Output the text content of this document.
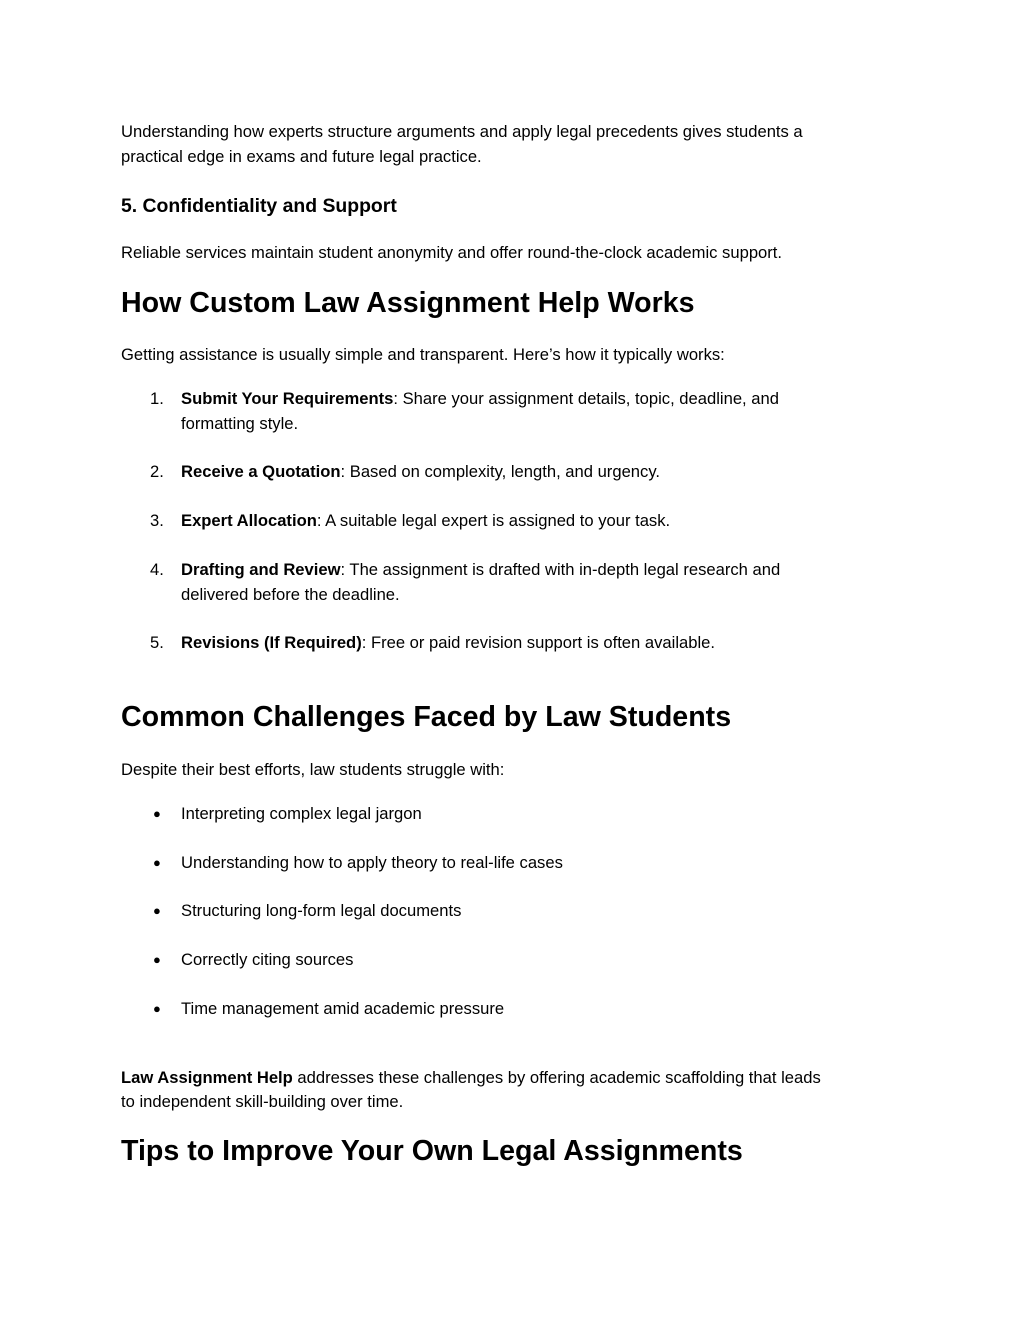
Understanding how experts structure arguments and apply legal precedents gives students a

practical edge in exams and future legal practice.

5. Confidentiality and Support

Reliable services maintain student anonymity and offer round-the-clock academic support.

How Custom Law Assignment Help Works

Getting assistance is usually simple and transparent. Here’s how it typically works:

1. Submit Your Requirements: Share your assignment details, topic, deadline, and

formatting style.

2. Receive a Quotation: Based on complexity, length, and urgency.

3. Expert Allocation: A suitable legal expert is assigned to your task.

4. Drafting and Review: The assignment is drafted with in-depth legal research and

delivered before the deadline.

5. Revisions (If Required): Free or paid revision support is often available.

Common Challenges Faced by Law Students

Despite their best efforts, law students struggle with:

● Interpreting complex legal jargon

● Understanding how to apply theory to real-life cases

● Structuring long-form legal documents

● Correctly citing sources

● Time management amid academic pressure

Law Assignment Help addresses these challenges by offering academic scaffolding that leads

to independent skill-building over time.

Tips to Improve Your Own Legal Assignments
